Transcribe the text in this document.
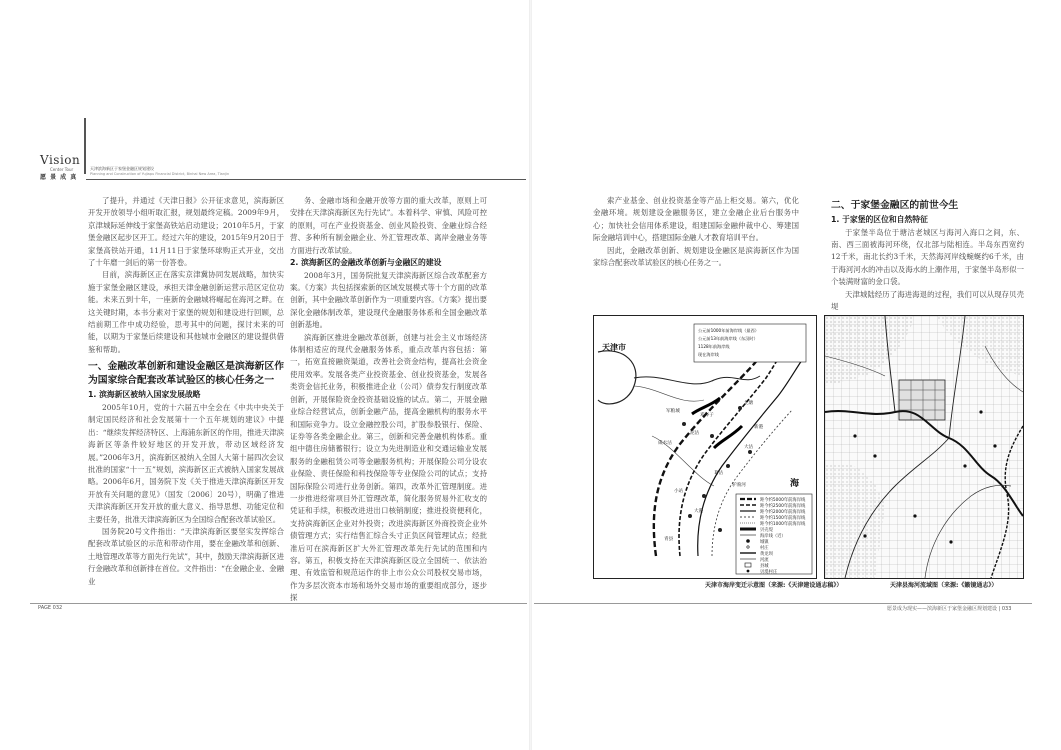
Vision
Center Tour
愿 景 成 真
天津滨海新区于家堡金融区规划建设
Planning and Construction of Yujiapu Financial District, Binhai New Area, Tianjin

了提升，并通过《天津日报》公开征求意见，滨海新区开发开放领导小组听取汇报，规划最终定稿。2009年9月，京津城际延伸线于家堡高铁站启动建设；2010年5月，于家堡金融区起步区开工。经过六年的建设，2015年9月20日于家堡高铁站开通，11月11日于家堡环球购正式开业，交出了十年磨一剑后的第一份答卷。

目前，滨海新区正在落实京津冀协同发展战略，加快实施于家堡金融区建设，承担天津金融创新运营示范区定位功能。未来五到十年，一座新的金融城将崛起在海河之畔。在这关键时期，本书分素对于家堡的规划和建设进行回顾，总结前期工作中成功经验，思考其中的问题，探讨未来的可能，以期为于家堡后续建设和其他城市金融区的建设提供借鉴和帮助。

一、金融改革创新和建设金融区是滨海新区作为国家综合配套改革试验区的核心任务之一
1. 滨海新区被纳入国家发展战略

2005年10月，党的十六届五中全会在《中共中央关于制定国民经济和社会发展第十一个五年规划的建议》中提出：“继续发挥经济特区、上海浦东新区的作用，推进天津滨海新区等条件较好地区的开发开放，带动区域经济发展。”2006年3月，滨海新区被纳入全国人大第十届四次会议批准的国家“十一五”规划，滨海新区正式被纳入国家发展战略。2006年6月，国务院下发《关于推进天津滨海新区开发开放有关问题的意见》（国发〔2006〕20号），明确了推进天津滨海新区开发开放的重大意义、指导思想、功能定位和主要任务，批准天津滨海新区为全国综合配套改革试验区。

国务院20号文件指出：“天津滨海新区要坚实发挥综合配套改革试验区的示范和带动作用，要在金融改革和创新、土地管理改革等方面先行先试”，其中，鼓励天津滨海新区进行金融改革和创新排在首位。文件指出：“在金融企业、金融业

务、金融市场和金融开放等方面的重大改革，原则上可安排在天津滨海新区先行先试”。本着科学、审慎、风险可控的原则，可在产业投资基金、创业风险投资、金融业综合经营、多种所有制金融企业、外汇管理改革、离岸金融业务等方面进行改革试验。

2. 滨海新区的金融改革创新与金融区的建设

2008年3月，国务院批复天津滨海新区综合改革配套方案。《方案》共包括探索新的区域发展模式等十个方面的改革创新，其中金融改革创新作为一项重要内容。《方案》提出要深化金融体制改革，建设现代金融服务体系和全国金融改革创新基地。

滨海新区推进金融改革创新，创建与社会主义市场经济体制相适应的现代金融服务体系，重点改革内容包括：第一，拓宽直接融资渠道，改善社会资金结构，提高社会资金使用效率。发展各类产业投资基金、创业投资基金，发展各类资金信托业务，积极推进企业（公司）债券发行制度改革创新，开展保险资金投资基础设施的试点。第二，开展金融业综合经营试点，创新金融产品，提高金融机构的服务水平和国际竞争力。设立金融控股公司，扩股参股银行、保险、证券等各类金融企业。第三，创新和完善金融机构体系。重组中德住房储蓄银行；设立为先进制造业和交通运输业发展服务的金融租赁公司等金融服务机构；开展保险公司分设农业保险、责任保险和科技保险等专业保险公司的试点；支持国际保险公司进行业务创新。第四，改革外汇管理制度。进一步推进经常项目外汇管理改革，简化服务贸易外汇收支的凭证和手续，积极改进进出口核销制度；推进投资便利化，支持滨海新区企业对外投资；改进滨海新区外商投资企业外债管理方式；实行结售汇综合头寸正负区间管理试点；经批准后可在滨海新区扩大外汇管理改革先行先试的范围和内容。第五，积极支持在天津滨海新区设立全国统一、依法治理、有效监管和规范运作的非上市公众公司股权交易市场，作为多层次资本市场和场外交易市场的重要组成部分，逐步探

索产业基金、创业投资基金等产品上柜交易。第六，优化金融环境。规划建设金融服务区，建立金融企业后台服务中心；加快社会信用体系建设，组建国际金融仲裁中心、筹建国际金融培训中心，搭建国际金融人才教育培训平台。

因此，金融改革创新、规划建设金融区是滨海新区作为国家综合配套改革试验区的核心任务之一。

二、于家堡金融区的前世今生
1. 于家堡的区位和自然特征

于家堡半岛位于塘沽老城区与海河入海口之间，东、南、西三面被海河环绕，仅北部与陆相连。半岛东西宽约12千米，南北长约3千米，天然海河岸线蜿蜒约6千米，由于海河河水的冲击以及海水的上潮作用，于家堡半岛形似一个装满财富的金口袋。

天津城陆经历了海进海退的过程，我们可以从现存贝壳堤

天津市
军粮城
大沽
北塘
新港
泥沽
咸水沽
葛沽
小站
邓岑子
驴驹河
大港
青县
海
公元前1000年前海岸线（最西）
公元前13年前海岸线（东汉时）
1128年前海岸线
现在海岸线
距今约5000年前海岸线
距今约2500年前海岸线
距今约2000年前海岸线
距今约1500年前海岸线
距今约1000年前海岸线
贝壳堤
海岸线（近）
城镇
村庄
黄龙坝
河流
县城
贝堤村庄
天津市海岸变迁示意图（来源:《天津建设通志稿》）	天津县海河流域图（来源:《籁镜通志》）
PAGE 032	愿景成为现实——滨海新区于家堡金融区规划建设 | 033
